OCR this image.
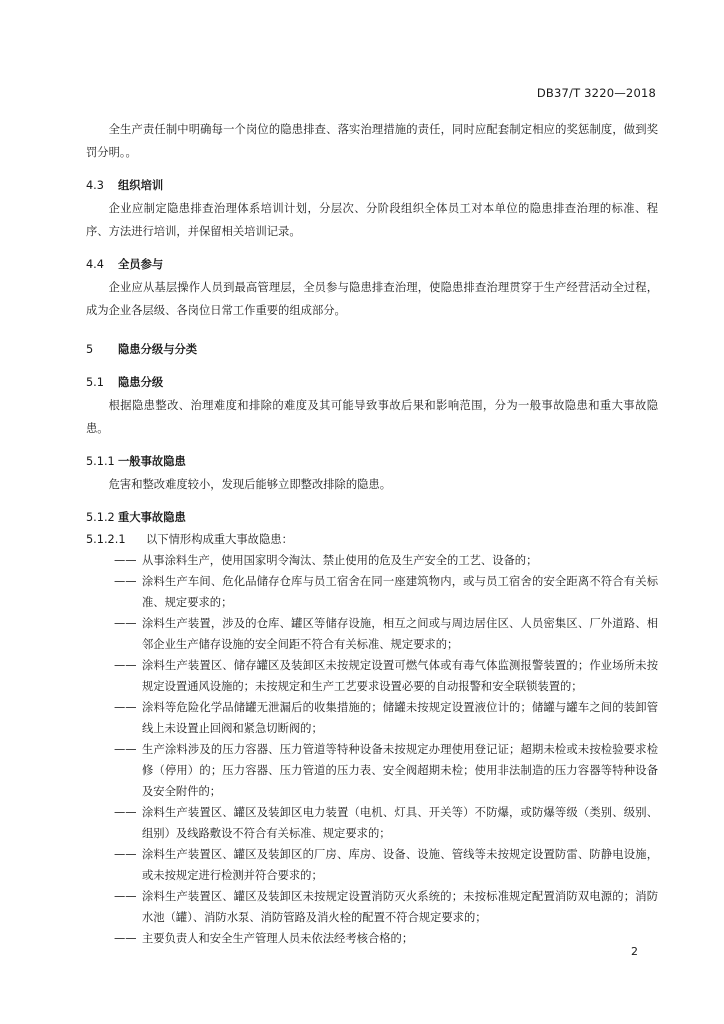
DB37/T 3220—2018

全生产责任制中明确每一个岗位的隐患排查、落实治理措施的责任，同时应配套制定相应的奖惩制度，做到奖罚分明。。

4.3 组织培训

企业应制定隐患排查治理体系培训计划，分层次、分阶段组织全体员工对本单位的隐患排查治理的标准、程序、方法进行培训，并保留相关培训记录。

4.4 全员参与

企业应从基层操作人员到最高管理层，全员参与隐患排查治理，使隐患排查治理贯穿于生产经营活动全过程，成为企业各层级、各岗位日常工作重要的组成部分。

5 隐患分级与分类

5.1 隐患分级

根据隐患整改、治理难度和排除的难度及其可能导致事故后果和影响范围，分为一般事故隐患和重大事故隐患。

5.1.1 一般事故隐患

危害和整改难度较小，发现后能够立即整改排除的隐患。

5.1.2 重大事故隐患

5.1.2.1 以下情形构成重大事故隐患：

—— 从事涂料生产，使用国家明令淘汰、禁止使用的危及生产安全的工艺、设备的；
—— 涂料生产车间、危化品储存仓库与员工宿舍在同一座建筑物内，或与员工宿舍的安全距离不符合有关标准、规定要求的；
—— 涂料生产装置，涉及的仓库、罐区等储存设施，相互之间或与周边居住区、人员密集区、厂外道路、相邻企业生产储存设施的安全间距不符合有关标准、规定要求的；
—— 涂料生产装置区、储存罐区及装卸区未按规定设置可燃气体或有毒气体监测报警装置的；作业场所未按规定设置通风设施的；未按规定和生产工艺要求设置必要的自动报警和安全联锁装置的；
—— 涂料等危险化学品储罐无泄漏后的收集措施的；储罐未按规定设置液位计的；储罐与罐车之间的装卸管线上未设置止回阀和紧急切断阀的；
—— 生产涂料涉及的压力容器、压力管道等特种设备未按规定办理使用登记证；超期未检或未按检验要求检修（停用）的；压力容器、压力管道的压力表、安全阀超期未检；使用非法制造的压力容器等特种设备及安全附件的；
—— 涂料生产装置区、罐区及装卸区电力装置（电机、灯具、开关等）不防爆，或防爆等级（类别、级别、组别）及线路敷设不符合有关标准、规定要求的；
—— 涂料生产装置区、罐区及装卸区的厂房、库房、设备、设施、管线等未按规定设置防雷、防静电设施，或未按规定进行检测并符合要求的；
—— 涂料生产装置区、罐区及装卸区未按规定设置消防灭火系统的；未按标准规定配置消防双电源的；消防水池（罐）、消防水泵、消防管路及消火栓的配置不符合规定要求的；
—— 主要负责人和安全生产管理人员未依法经考核合格的；
2
